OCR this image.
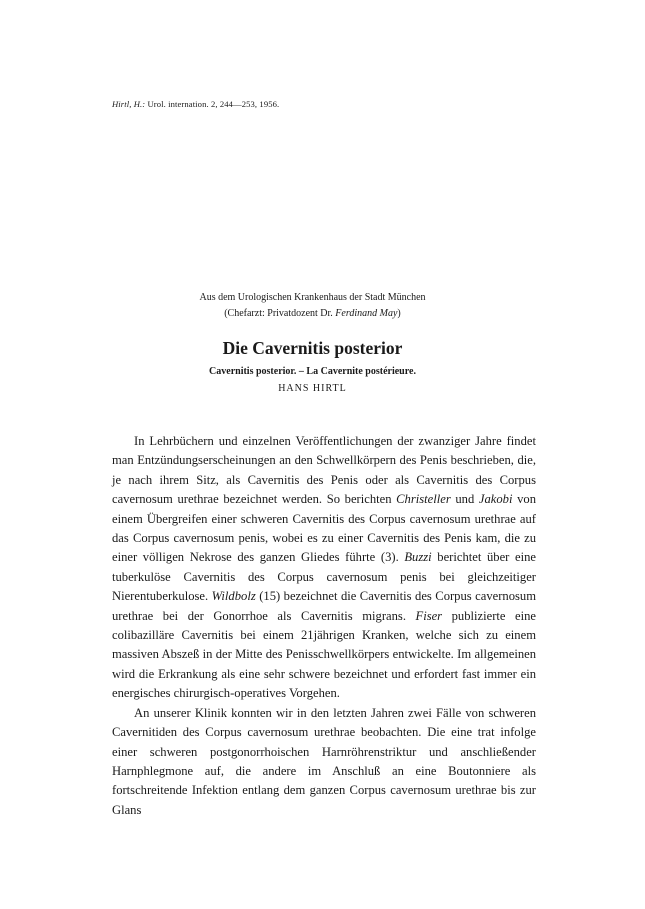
Hirtl, H.: Urol. internation. 2, 244—253, 1956.
Aus dem Urologischen Krankenhaus der Stadt München
(Chefarzt: Privatdozent Dr. Ferdinand May)
Die Cavernitis posterior
Cavernitis posterior. – La Cavernite postérieure.
HANS HIRTL

In Lehrbüchern und einzelnen Veröffentlichungen der zwanziger Jahre findet man Entzündungserscheinungen an den Schwellkörpern des Penis beschrieben, die, je nach ihrem Sitz, als Cavernitis des Penis oder als Cavernitis des Corpus cavernosum urethrae bezeichnet werden. So berichten Christeller und Jakobi von einem Übergreifen einer schweren Cavernitis des Corpus cavernosum urethrae auf das Corpus cavernosum penis, wobei es zu einer Cavernitis des Penis kam, die zu einer völligen Nekrose des ganzen Gliedes führte (3). Buzzi berichtet über eine tuberkulöse Cavernitis des Corpus cavernosum penis bei gleichzeitiger Nierentuberkulose. Wildbolz (15) bezeichnet die Cavernitis des Corpus cavernosum urethrae bei der Gonorrhoe als Cavernitis migrans. Fiser publizierte eine colibazilläre Cavernitis bei einem 21jährigen Kranken, welche sich zu einem massiven Abszeß in der Mitte des Penisschwellkörpers entwickelte. Im allgemeinen wird die Erkrankung als eine sehr schwere bezeichnet und erfordert fast immer ein energisches chirurgisch-operatives Vorgehen.

An unserer Klinik konnten wir in den letzten Jahren zwei Fälle von schweren Cavernitiden des Corpus cavernosum urethrae beobachten. Die eine trat infolge einer schweren postgonorrhoischen Harnröhrenstriktur und anschließender Harnphlegmone auf, die andere im Anschluß an eine Boutonniere als fortschreitende Infektion entlang dem ganzen Corpus cavernosum urethrae bis zur Glans
